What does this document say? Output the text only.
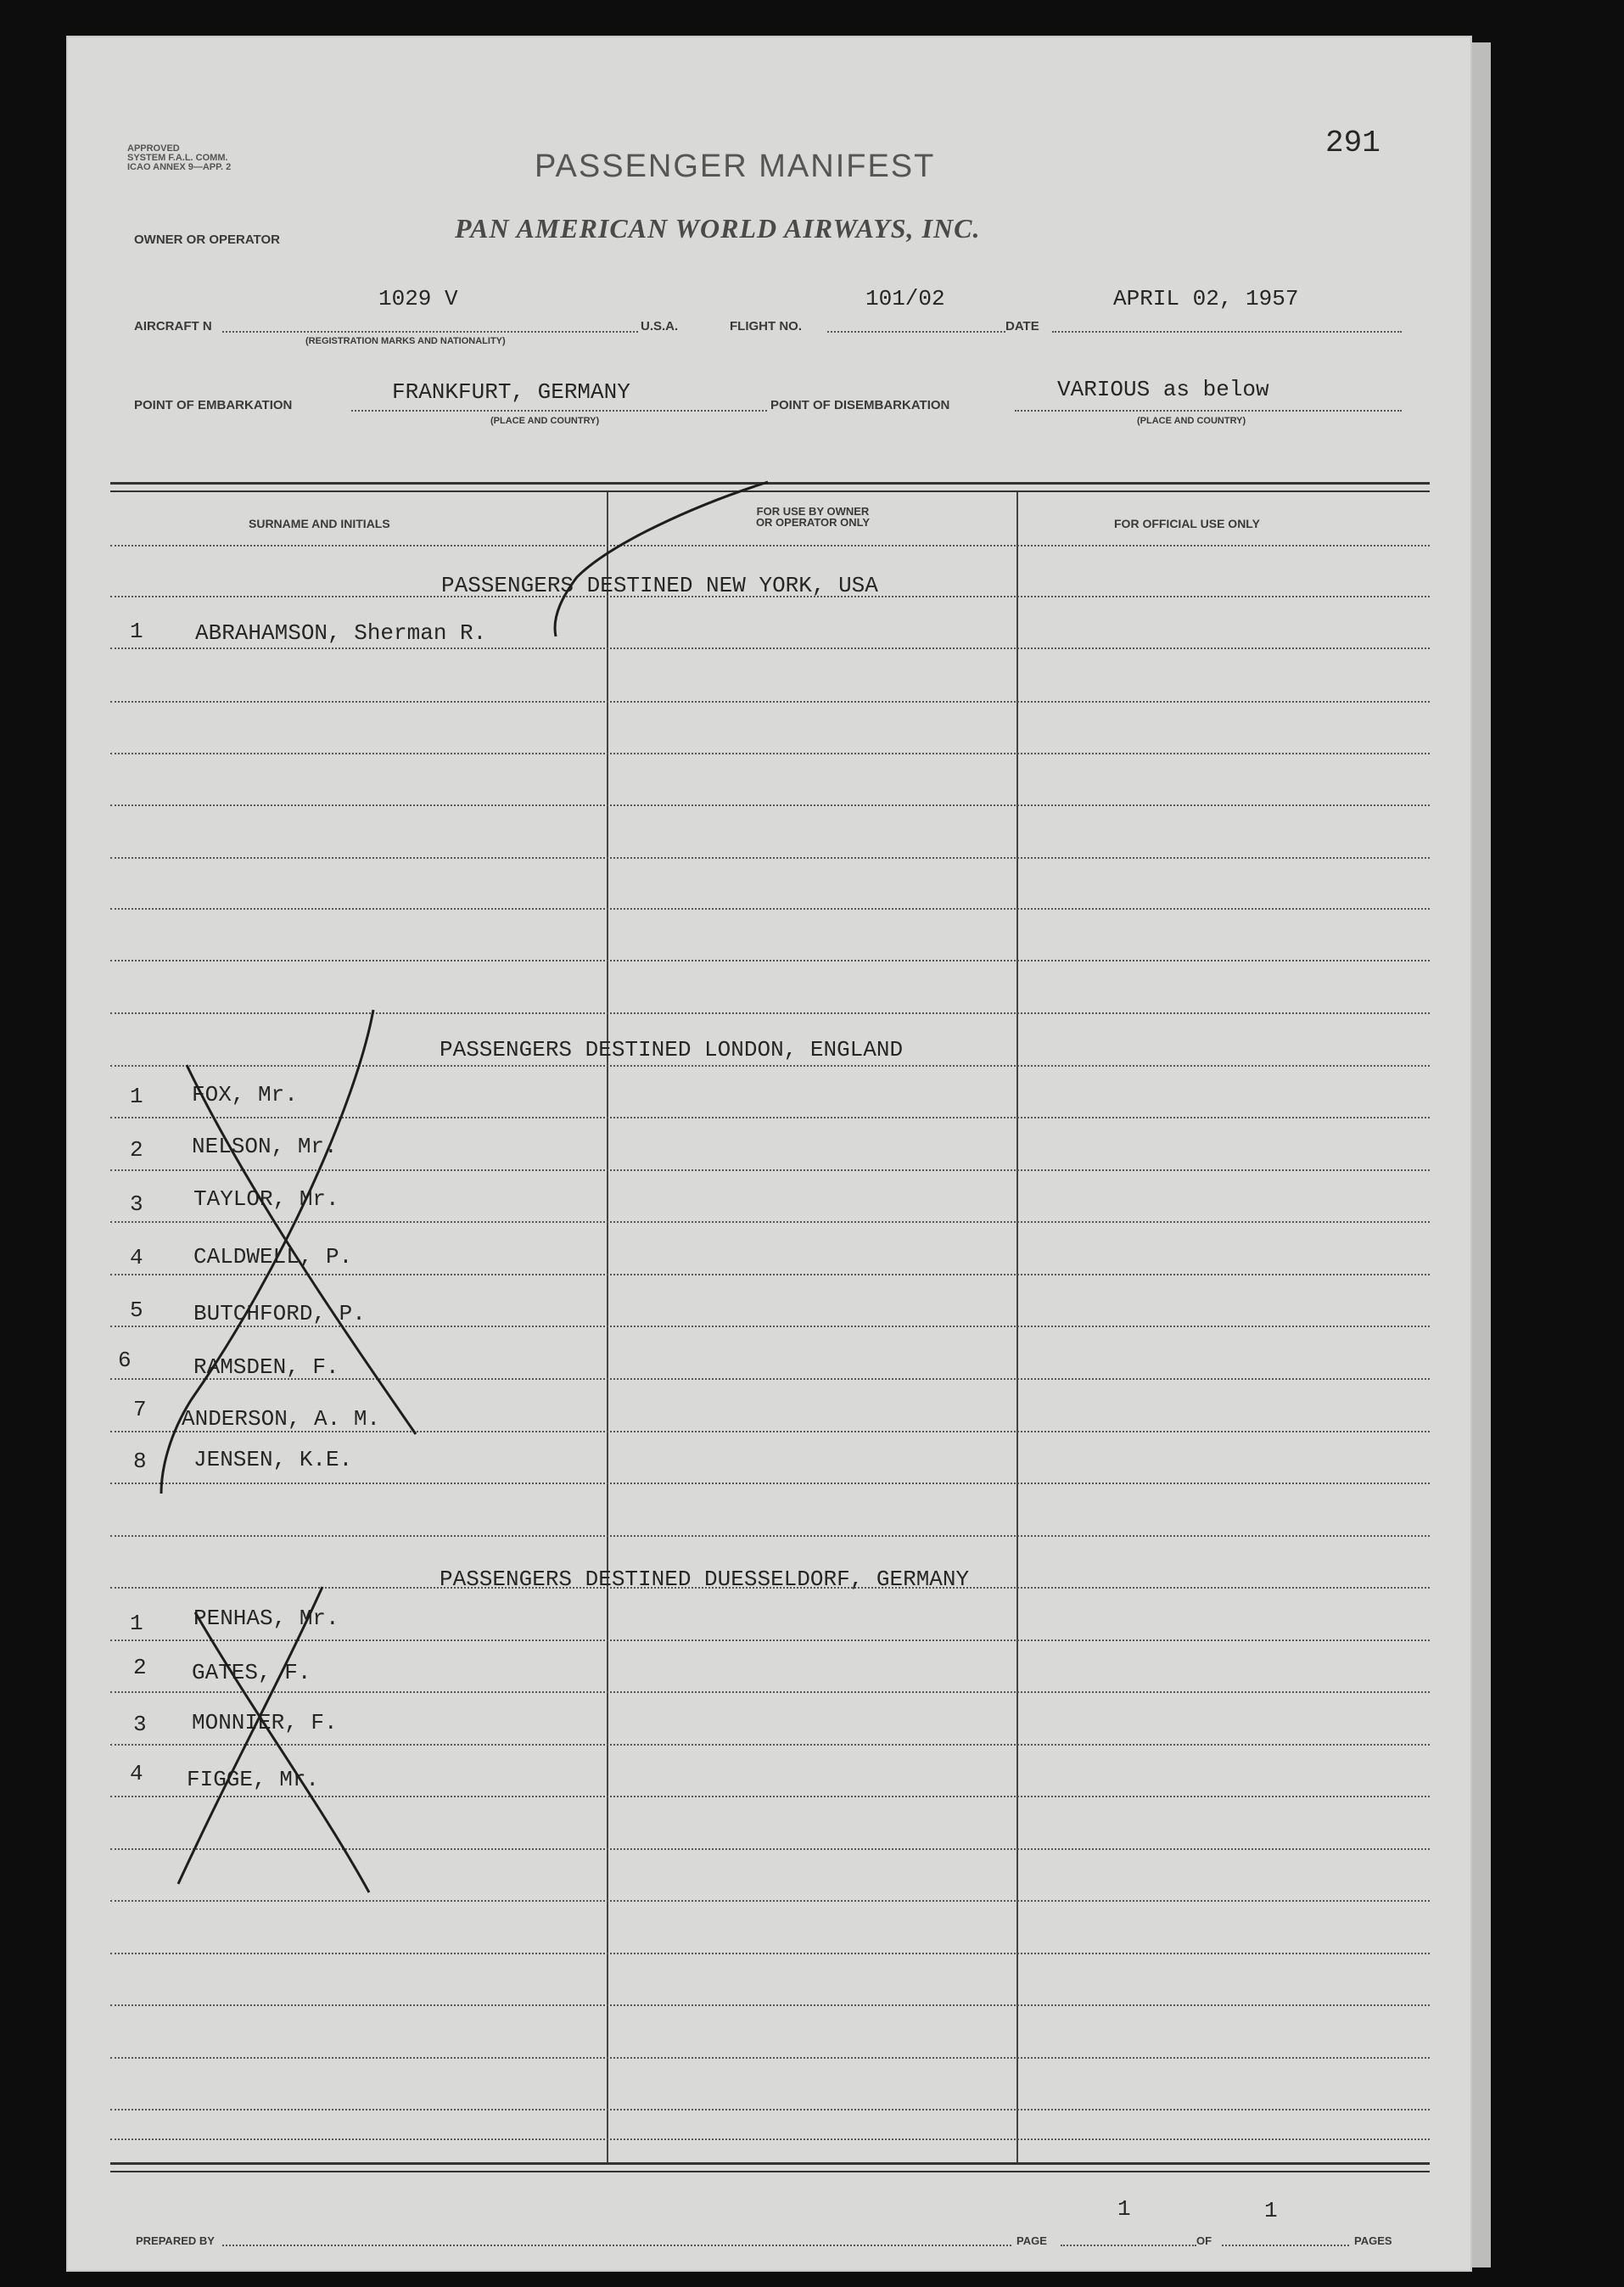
APPROVED
SYSTEM F.A.L. COMM.
ICAO ANNEX 9—APP. 2	PASSENGER MANIFEST
291
OWNER OR OPERATOR	PAN AMERICAN WORLD AIRWAYS, INC.
AIRCRAFT N
1029 V
(REGISTRATION MARKS AND NATIONALITY)
U.S.A.	FLIGHT NO.
101/02
DATE
APRIL 02, 1957
POINT OF EMBARKATION
FRANKFURT, GERMANY
(PLACE AND COUNTRY)
POINT OF DISEMBARKATION
VARIOUS as below
(PLACE AND COUNTRY)
SURNAME AND INITIALS
FOR USE BY OWNER
OR OPERATOR ONLY	FOR OFFICIAL USE ONLY
PASSENGERS DESTINED NEW YORK, USA
1 ABRAHAMSON, Sherman R.
PASSENGERS DESTINED LONDON, ENGLAND
1 FOX, Mr.
2 NELSON, Mr.
3 TAYLOR, Mr.
4 CALDWELL, P.
5 BUTCHFORD, P.
6	RAMSDEN, F.
7 ANDERSON, A. M.
8 JENSEN, K.E.
PASSENGERS DESTINED DUESSELDORF, GERMANY
1 PENHAS, Mr.
2 GATES, F.
3 MONNIER, F.
4 FIGGE, Mr.
PREPARED BY	PAGE
1
OF
1
PAGES
